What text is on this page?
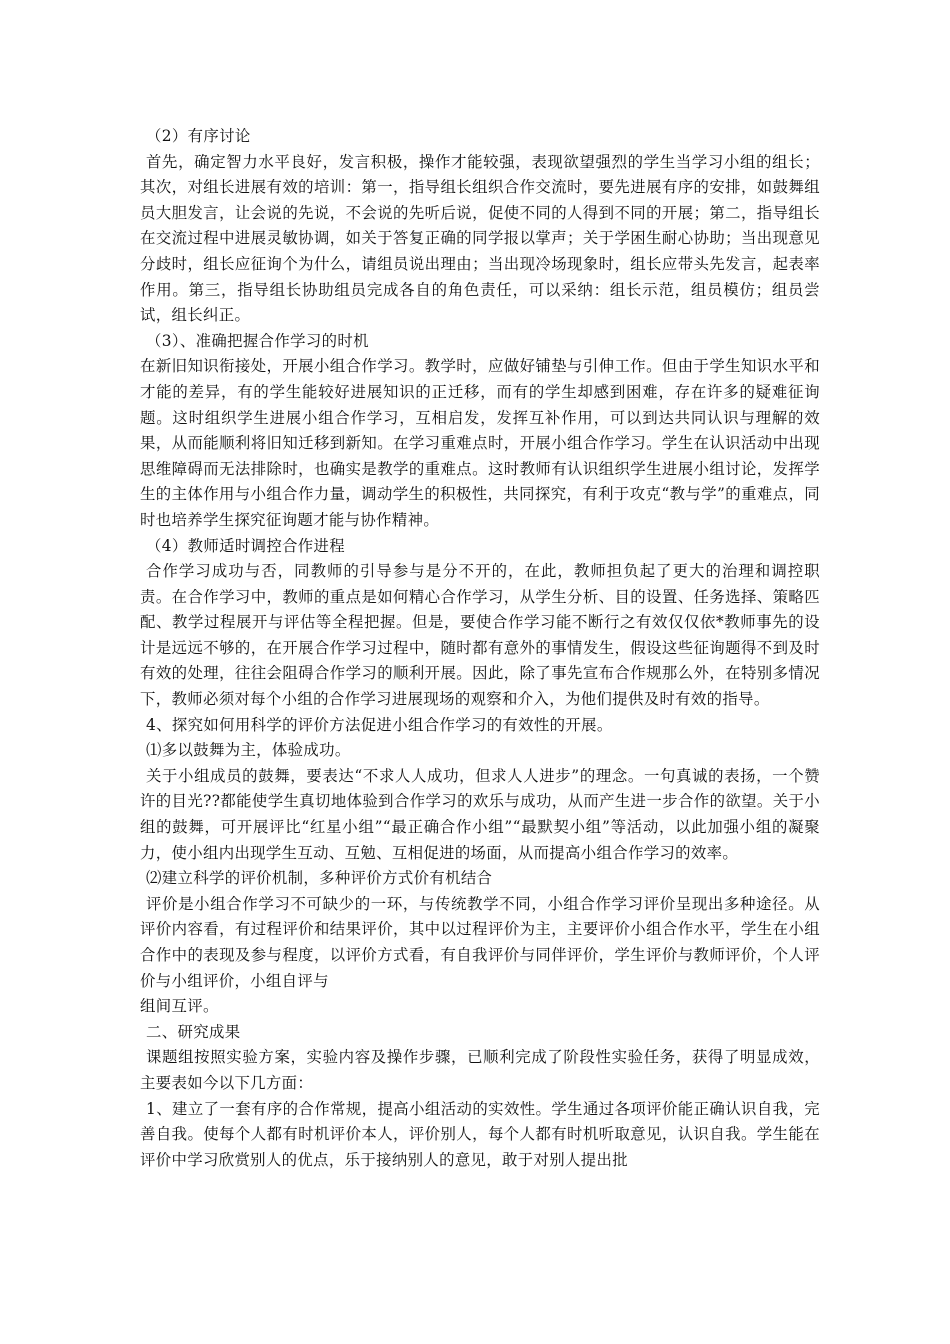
（2）有序讨论

首先，确定智力水平良好，发言积极，操作才能较强，表现欲望强烈的学生当学习小组的组长；其次，对组长进展有效的培训：第一，指导组长组织合作交流时，要先进展有序的安排，如鼓舞组员大胆发言，让会说的先说，不会说的先听后说，促使不同的人得到不同的开展；第二，指导组长在交流过程中进展灵敏协调，如关于答复正确的同学报以掌声；关于学困生耐心协助；当出现意见分歧时，组长应征询个为什么，请组员说出理由；当出现冷场现象时，组长应带头先发言，起表率作用。第三，指导组长协助组员完成各自的角色责任，可以采纳：组长示范，组员模仿；组员尝试，组长纠正。

（3）、准确把握合作学习的时机

在新旧知识衔接处，开展小组合作学习。教学时，应做好铺垫与引伸工作。但由于学生知识水平和才能的差异，有的学生能较好进展知识的正迁移，而有的学生却感到困难，存在许多的疑难征询题。这时组织学生进展小组合作学习，互相启发，发挥互补作用，可以到达共同认识与理解的效果，从而能顺利将旧知迁移到新知。在学习重难点时，开展小组合作学习。学生在认识活动中出现思维障碍而无法排除时，也确实是教学的重难点。这时教师有认识组织学生进展小组讨论，发挥学生的主体作用与小组合作力量，调动学生的积极性，共同探究，有利于攻克“教与学”的重难点，同时也培养学生探究征询题才能与协作精神。

（4）教师适时调控合作进程

合作学习成功与否，同教师的引导参与是分不开的，在此，教师担负起了更大的治理和调控职责。在合作学习中，教师的重点是如何精心合作学习，从学生分析、目的设置、任务选择、策略匹配、教学过程展开与评估等全程把握。但是，要使合作学习能不断行之有效仅仅依*教师事先的设计是远远不够的，在开展合作学习过程中，随时都有意外的事情发生，假设这些征询题得不到及时有效的处理，往往会阻碍合作学习的顺利开展。因此，除了事先宣布合作规那么外，在特别多情况下，教师必须对每个小组的合作学习进展现场的观察和介入，为他们提供及时有效的指导。

4、探究如何用科学的评价方法促进小组合作学习的有效性的开展。

⑴多以鼓舞为主，体验成功。

关于小组成员的鼓舞，要表达“不求人人成功，但求人人进步”的理念。一句真诚的表扬，一个赞许的目光??都能使学生真切地体验到合作学习的欢乐与成功，从而产生进一步合作的欲望。关于小组的鼓舞，可开展评比“红星小组”“最正确合作小组”“最默契小组”等活动，以此加强小组的凝聚力，使小组内出现学生互动、互勉、互相促进的场面，从而提高小组合作学习的效率。

⑵建立科学的评价机制，多种评价方式价有机结合

评价是小组合作学习不可缺少的一环，与传统教学不同，小组合作学习评价呈现出多种途径。从评价内容看，有过程评价和结果评价，其中以过程评价为主，主要评价小组合作水平，学生在小组合作中的表现及参与程度，以评价方式看，有自我评价与同伴评价，学生评价与教师评价，个人评价与小组评价，小组自评与

组间互评。

二、研究成果

课题组按照实验方案，实验内容及操作步骤，已顺利完成了阶段性实验任务，获得了明显成效，主要表如今以下几方面：

1、建立了一套有序的合作常规，提高小组活动的实效性。学生通过各项评价能正确认识自我，完善自我。使每个人都有时机评价本人，评价别人，每个人都有时机听取意见，认识自我。学生能在评价中学习欣赏别人的优点，乐于接纳别人的意见，敢于对别人提出批
